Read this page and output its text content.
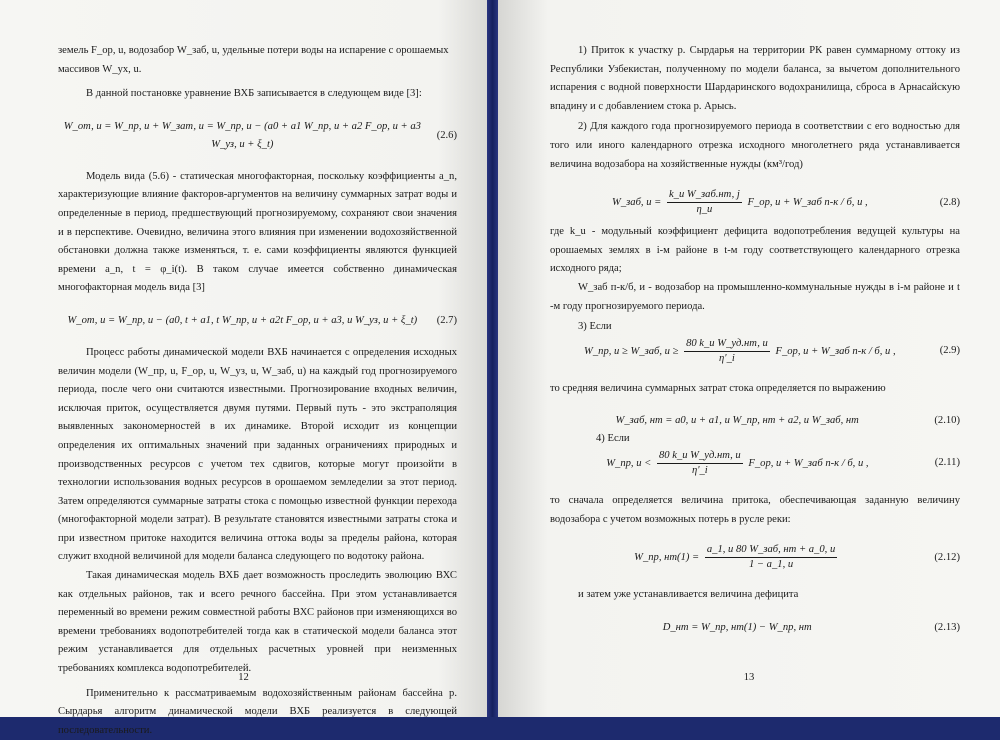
земель F_ор, u, водозабор W_заб, u, удельные потери воды на испарение с орошаемых массивов W_ух, u.

В данной постановке уравнение ВХБ записывается в следующем виде [3]:

W_от, u = W_пр, u + W_зат, u = W_пр, u − (a0 + a1 W_пр, u + a2 F_ор, u + a3 W_уз, u + ξ_t)
(2.6)

Модель вида (5.6) - статическая многофакторная, поскольку коэффициенты a_n, характеризующие влияние факторов-аргументов на величину суммарных затрат воды и определенные в период, предшествующий прогнозируемому, сохраняют свои значения и в перспективе. Очевидно, величина этого влияния при изменении водохозяйственной обстановки должна также изменяться, т. е. сами коэффициенты являются функцией времени a_n, t = φ_i(t). В таком случае имеется собственно динамическая многофакторная модель вида [3]

W_от, u = W_пр, u − (a0, t + a1, t W_пр, u + a2t F_ор, u + a3, u W_уз, u + ξ_t)	(2.7)

Процесс работы динамической модели ВХБ начинается с определения исходных величин модели (W_пр, u, F_ор, u, W_уз, u, W_заб, u) на каждый год прогнозируемого периода, после чего они считаются известными. Прогнозирование входных величин, исключая приток, осуществляется двумя путями. Первый путь - это экстраполяция выявленных закономерностей в их динамике. Второй исходит из концепции определения их оптимальных значений при заданных ограничениях природных и производственных ресурсов с учетом тех сдвигов, которые могут произойти в технологии использования водных ресурсов в орошаемом земледелии за этот период. Затем определяются суммарные затраты стока с помощью известной функции перехода (многофакторной модели затрат). В результате становятся известными затраты стока и при известном притоке находится величина оттока воды за пределы района, которая служит входной величиной для модели баланса следующего по водотоку района.

Такая динамическая модель ВХБ дает возможность проследить эволюцию ВХС как отдельных районов, так и всего речного бассейна. При этом устанавливается переменный во времени режим совместной работы ВХС районов при изменяющихся во времени требованиях водопотребителей тогда как в статической модели баланса этот режим устанавливается для отдельных расчетных уровней при неизменных требованиях комплекса водопотребителей.

Применительно к рассматриваемым водохозяйственным районам бассейна р. Сырдарья алгоритм динамической модели ВХБ реализуется в следующей последовательности.

12

1) Приток к участку р. Сырдарья на территории РК равен суммарному оттоку из Республики Узбекистан, полученному по модели баланса, за вычетом дополнительного испарения с водной поверхности Шардаринского водохранилища, сброса в Арнасайскую впадину и с добавлением стока р. Арысь.

2) Для каждого года прогнозируемого периода в соответствии с его водностью для того или иного календарного отрезка исходного многолетнего ряда устанавливается величина водозабора на хозяйственные нужды (км³/год)

W_заб, $u = \frac{\text{k\_u W\_заб.нт, j}}{\eta\_u}$ F_ор, u + W_заб п-к / б, и ,	(2.8)

где k_u - модульный коэффициент дефицита водопотребления ведущей культуры на орошаемых землях в i-м районе в t-м году соответствующего календарного отрезка исходного ряда;

W_заб п-к/б, и - водозабор на промышленно-коммунальные нужды в i-м районе и t -м году прогнозируемого периода.

3) Если

W_пр, u ≥ W_заб, $u \ge \frac{\text{80 k\_u W\_уд.нт, u}}{\eta'\_i}$ F_ор, u + W_заб п-к / б, и ,	(2.9)

то средняя величина суммарных затрат стока определяется по выражению

W_заб, нт = a0, и + a1, и W_пр, нт + a2, и W_заб, нт	(2.10)

4) Если

W_пр, $u < \frac{\text{80 k\_u W\_уд.нт, u}}{\eta'\_i}$ F_ор, u + W_заб п-к / б, и ,	(2.11)

то сначала определяется величина притока, обеспечивающая заданную величину водозабора с учетом возможных потерь в русле реки:

W_пр, $нт(1) = \frac{\text{a\_1, и 80 W\_заб, нт + a\_0, и}}{1 - a\_1, и}$	(2.12)

и затем уже устанавливается величина дефицита

D_нт = W_пр, нт(1) − W_пр, нт	(2.13)
13
